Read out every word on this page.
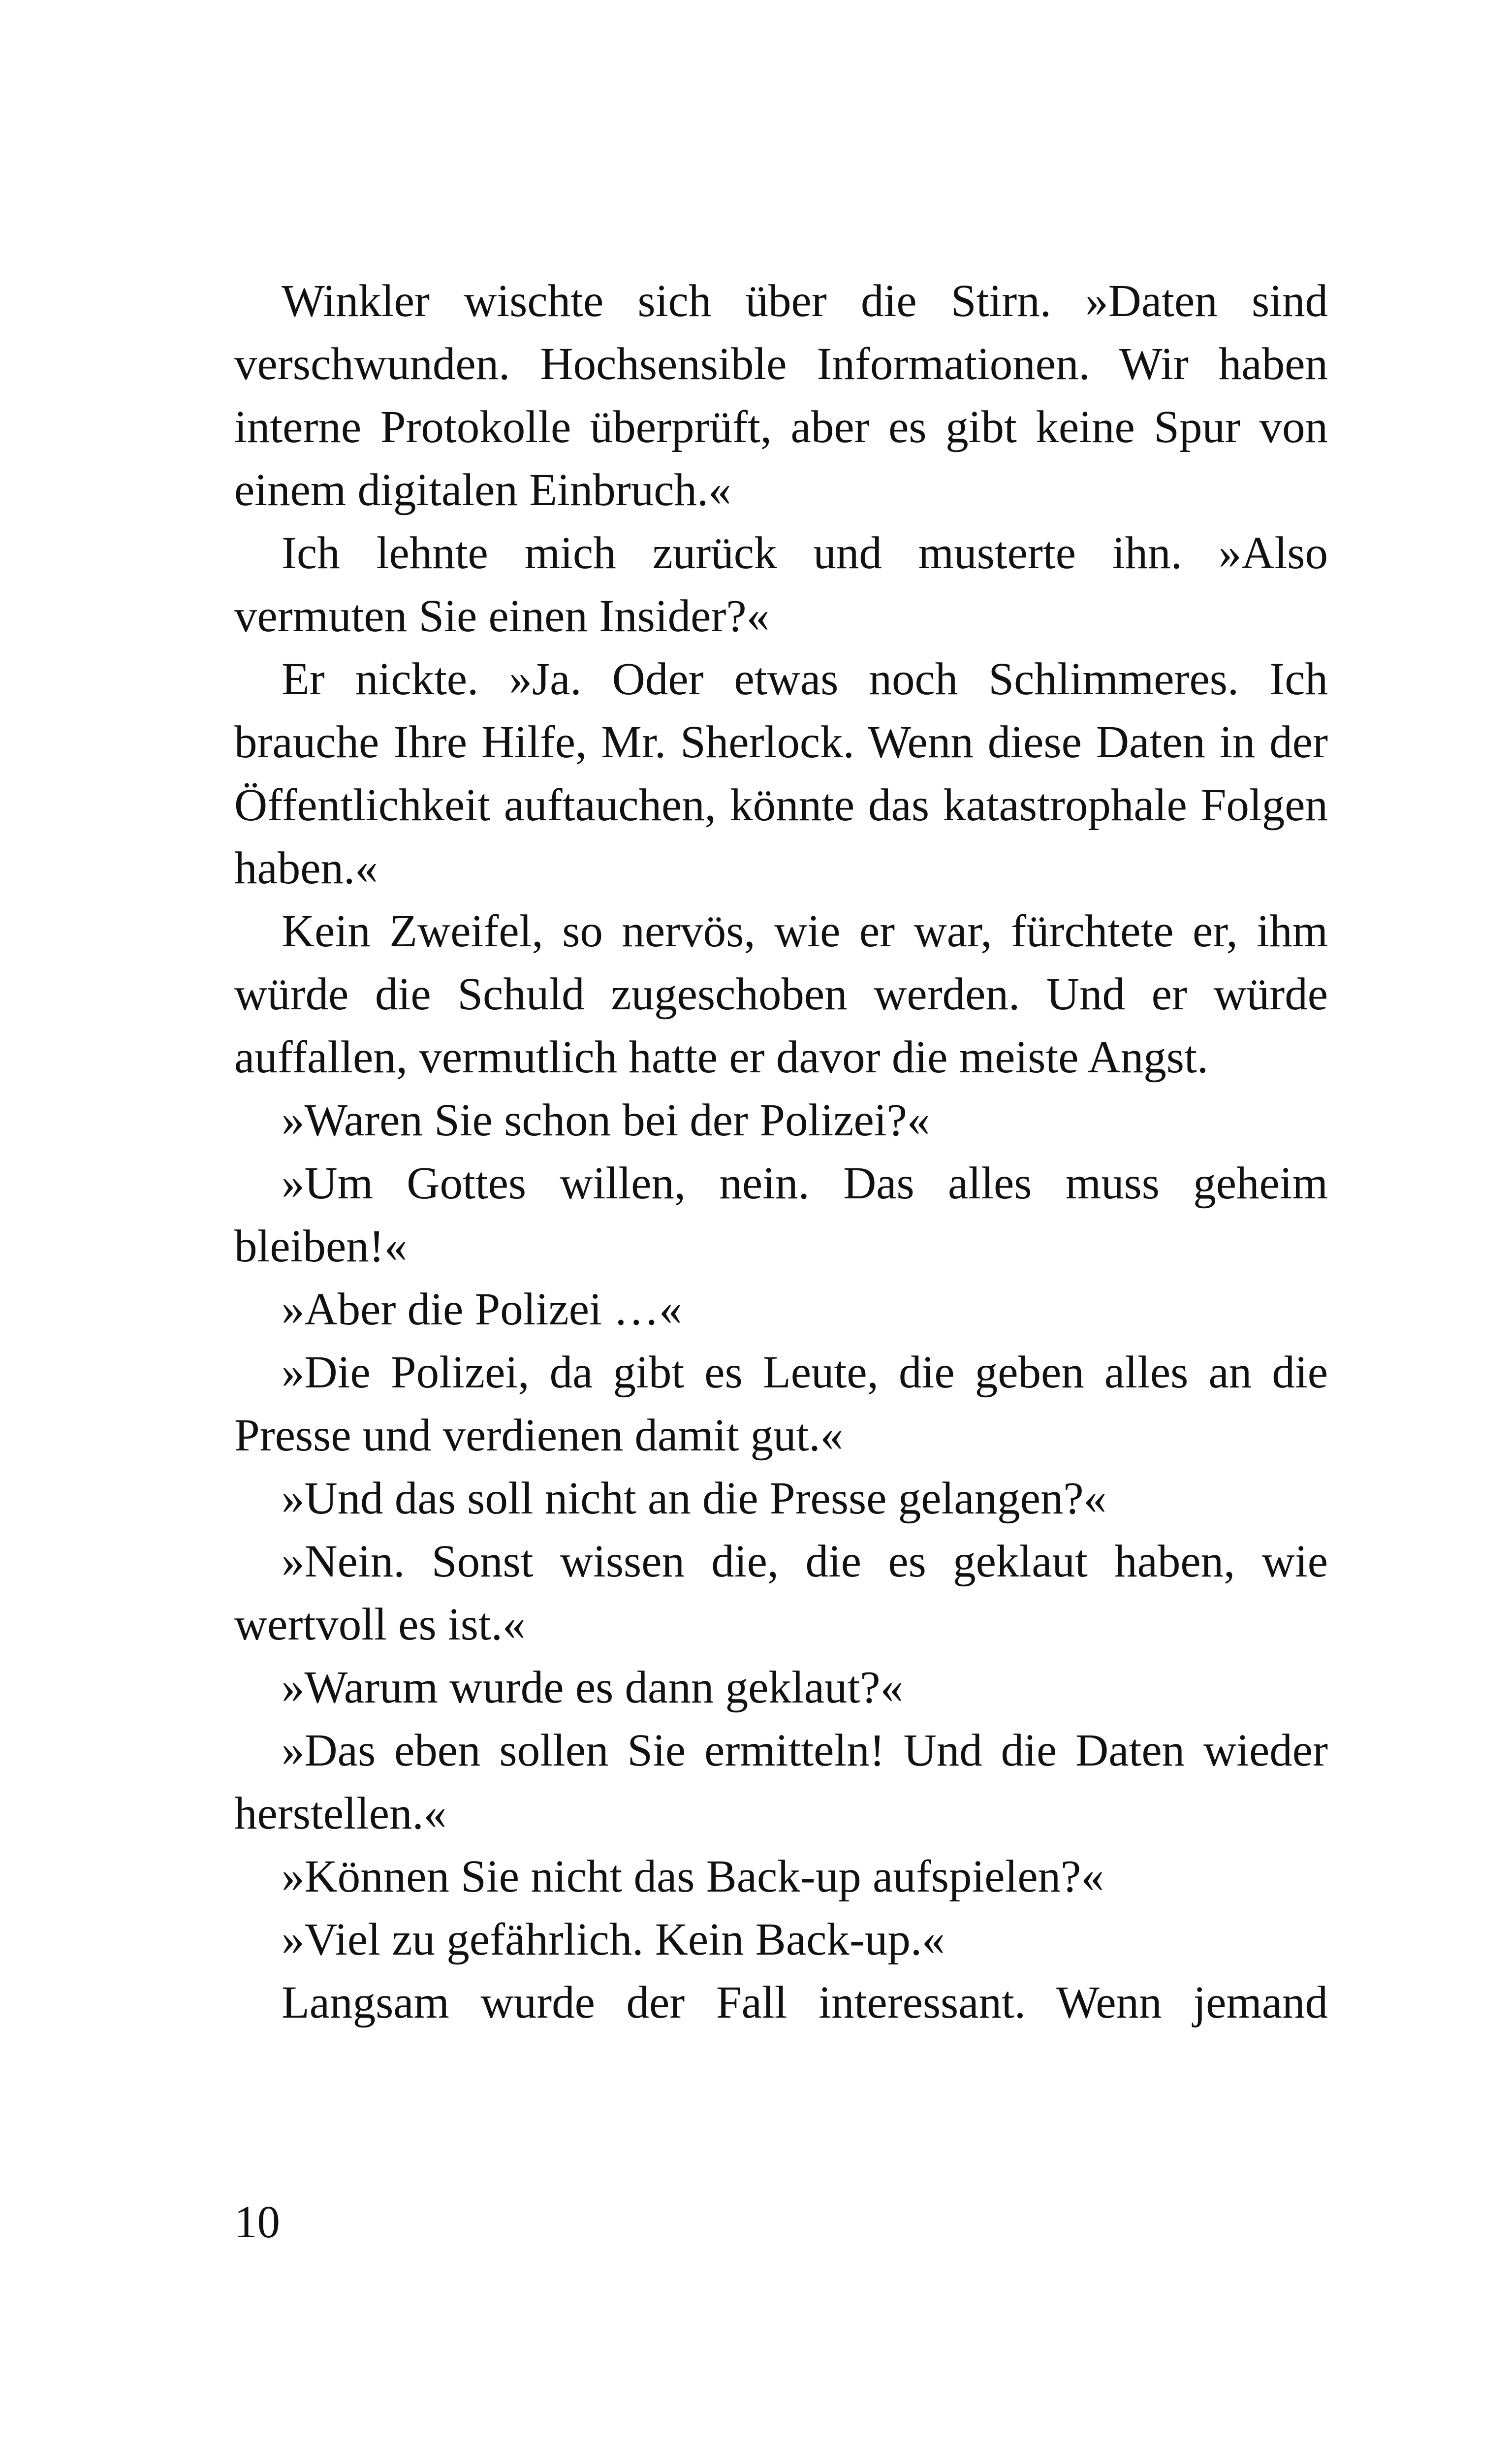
Winkler wischte sich über die Stirn. »Daten sind verschwunden. Hochsensible Informationen. Wir haben interne Protokolle überprüft, aber es gibt keine Spur von einem digitalen Einbruch.«

Ich lehnte mich zurück und musterte ihn. »Also vermuten Sie einen Insider?«

Er nickte. »Ja. Oder etwas noch Schlimmeres. Ich brauche Ihre Hilfe, Mr. Sherlock. Wenn diese Daten in der Öffentlichkeit auftauchen, könnte das katastrophale Folgen haben.«

Kein Zweifel, so nervös, wie er war, fürchtete er, ihm würde die Schuld zugeschoben werden. Und er würde auffallen, vermutlich hatte er davor die meiste Angst.

»Waren Sie schon bei der Polizei?«

»Um Gottes willen, nein. Das alles muss geheim bleiben!«

»Aber die Polizei …«

»Die Polizei, da gibt es Leute, die geben alles an die Presse und verdienen damit gut.«

»Und das soll nicht an die Presse gelangen?«

»Nein. Sonst wissen die, die es geklaut haben, wie wertvoll es ist.«

»Warum wurde es dann geklaut?«

»Das eben sollen Sie ermitteln! Und die Daten wieder herstellen.«

»Können Sie nicht das Back-up aufspielen?«

»Viel zu gefährlich. Kein Back-up.«

Langsam wurde der Fall interessant. Wenn jemand

10
